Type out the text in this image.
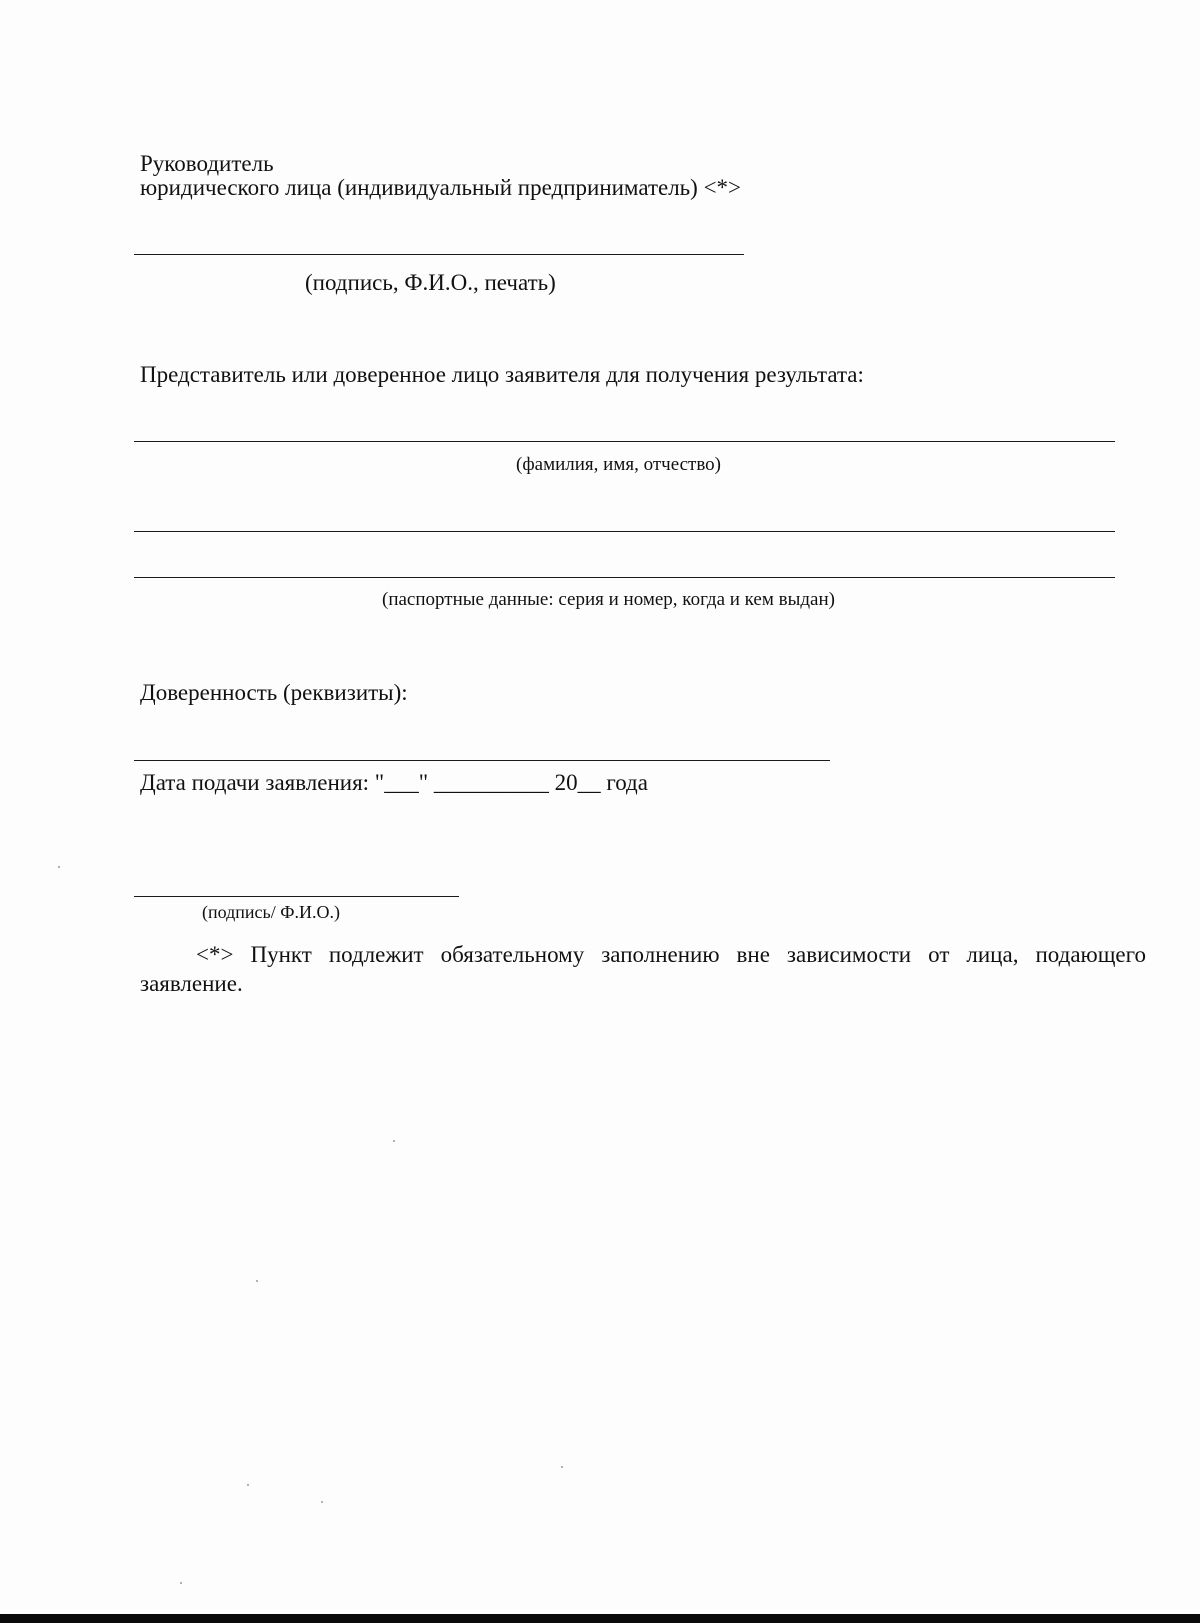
Руководитель
юридического лица (индивидуальный предприниматель) <*>
(подпись, Ф.И.О., печать)
Представитель или доверенное лицо заявителя для получения результата:
(фамилия, имя, отчество)
(паспортные данные: серия и номер, когда и кем выдан)
Доверенность (реквизиты):
Дата подачи заявления: "___" __________ 20__ года
(подпись/ Ф.И.О.)
<*> Пункт подлежит обязательному заполнению вне зависимости от лица, подающего заявление.
